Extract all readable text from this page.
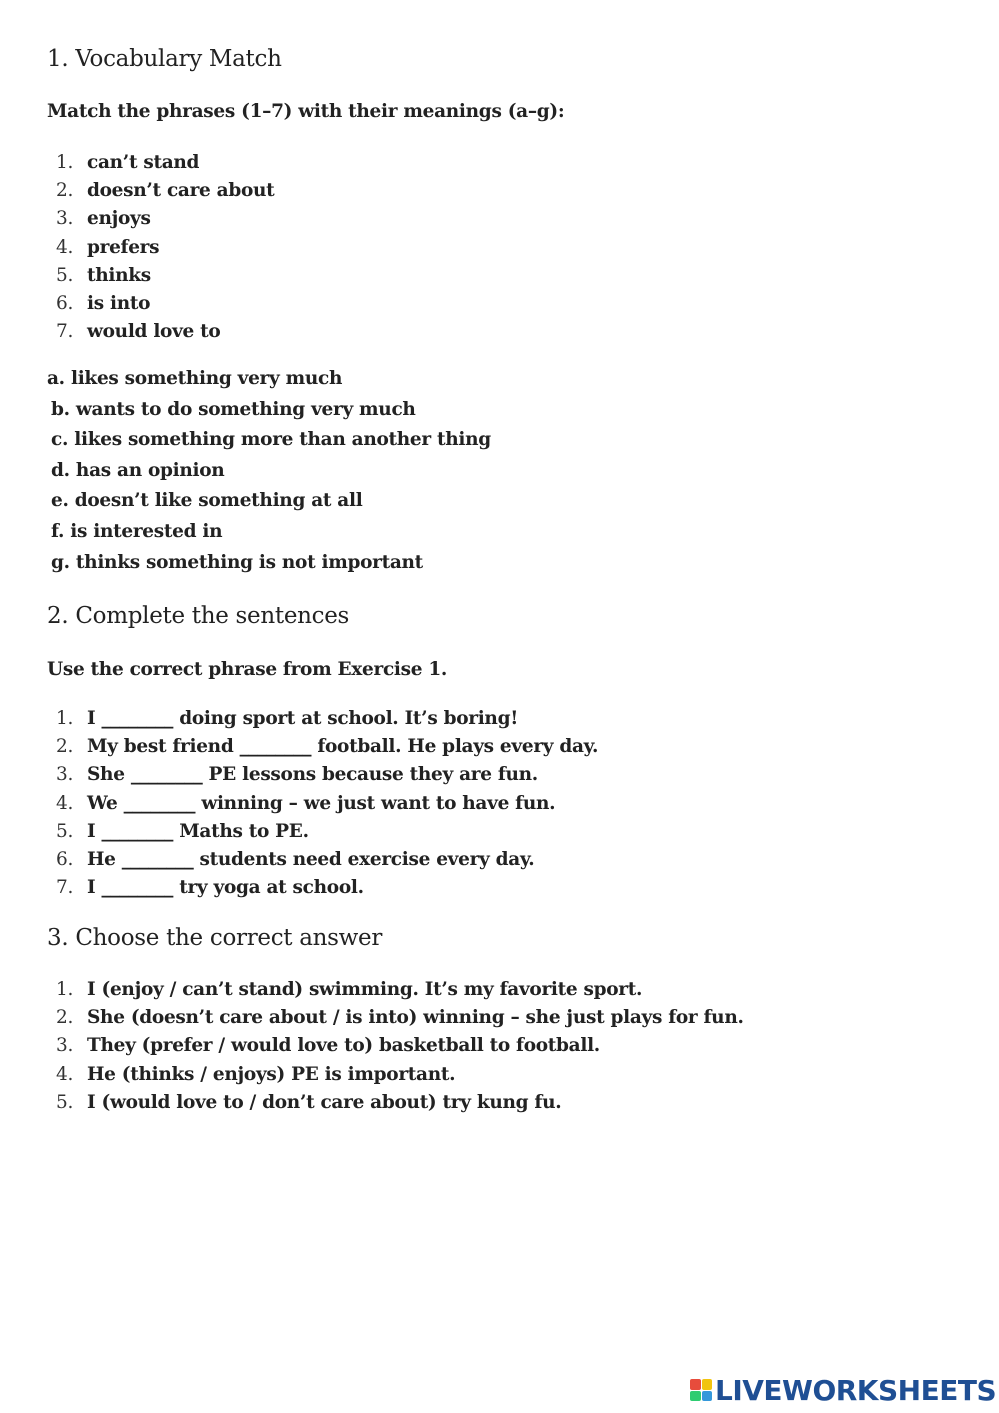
1. Vocabulary Match

Match the phrases (1–7) with their meanings (a–g):

1. can’t stand
2. doesn’t care about
3. enjoys
4. prefers
5. thinks
6. is into
7. would love to
a. likes something very much
b. wants to do something very much
c. likes something more than another thing
d. has an opinion
e. doesn’t like something at all
f. is interested in
g. thinks something is not important
2. Complete the sentences

Use the correct phrase from Exercise 1.

1. I ________ doing sport at school. It’s boring!
2. My best friend ________ football. He plays every day.
3. She ________ PE lessons because they are fun.
4. We ________ winning – we just want to have fun.
5. I ________ Maths to PE.
6. He ________ students need exercise every day.
7. I ________ try yoga at school.
3. Choose the correct answer
1. I (enjoy / can’t stand) swimming. It’s my favorite sport.
2. She (doesn’t care about / is into) winning – she just plays for fun.
3. They (prefer / would love to) basketball to football.
4. He (thinks / enjoys) PE is important.
5. I (would love to / don’t care about) try kung fu.
LIVEWORKSHEETS
